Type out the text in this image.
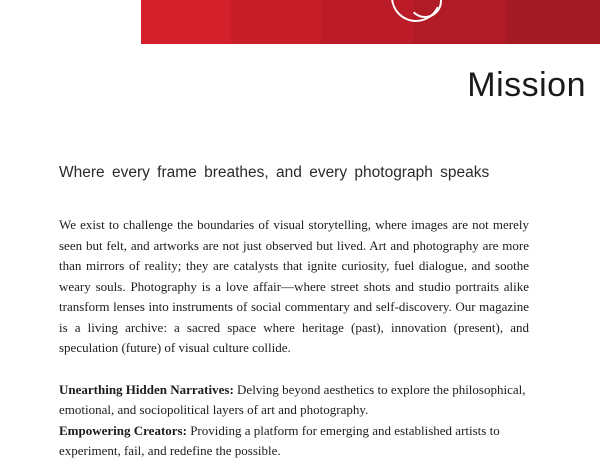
Mission

Where every frame breathes, and every photograph speaks

We exist to challenge the boundaries of visual storytelling, where images are not merely seen but felt, and artworks are not just observed but lived. Art and photography are more than mirrors of reality; they are catalysts that ignite curiosity, fuel dialogue, and soothe weary souls. Photography is a love affair—where street shots and studio portraits alike transform lenses into instruments of social commentary and self-discovery. Our magazine is a living archive: a sacred space where heritage (past), innovation (present), and speculation (future) of visual culture collide.

Unearthing Hidden Narratives: Delving beyond aesthetics to explore the philosophical, emotional, and sociopolitical layers of art and photography.

Empowering Creators: Providing a platform for emerging and established artists to experiment, fail, and redefine the possible.
